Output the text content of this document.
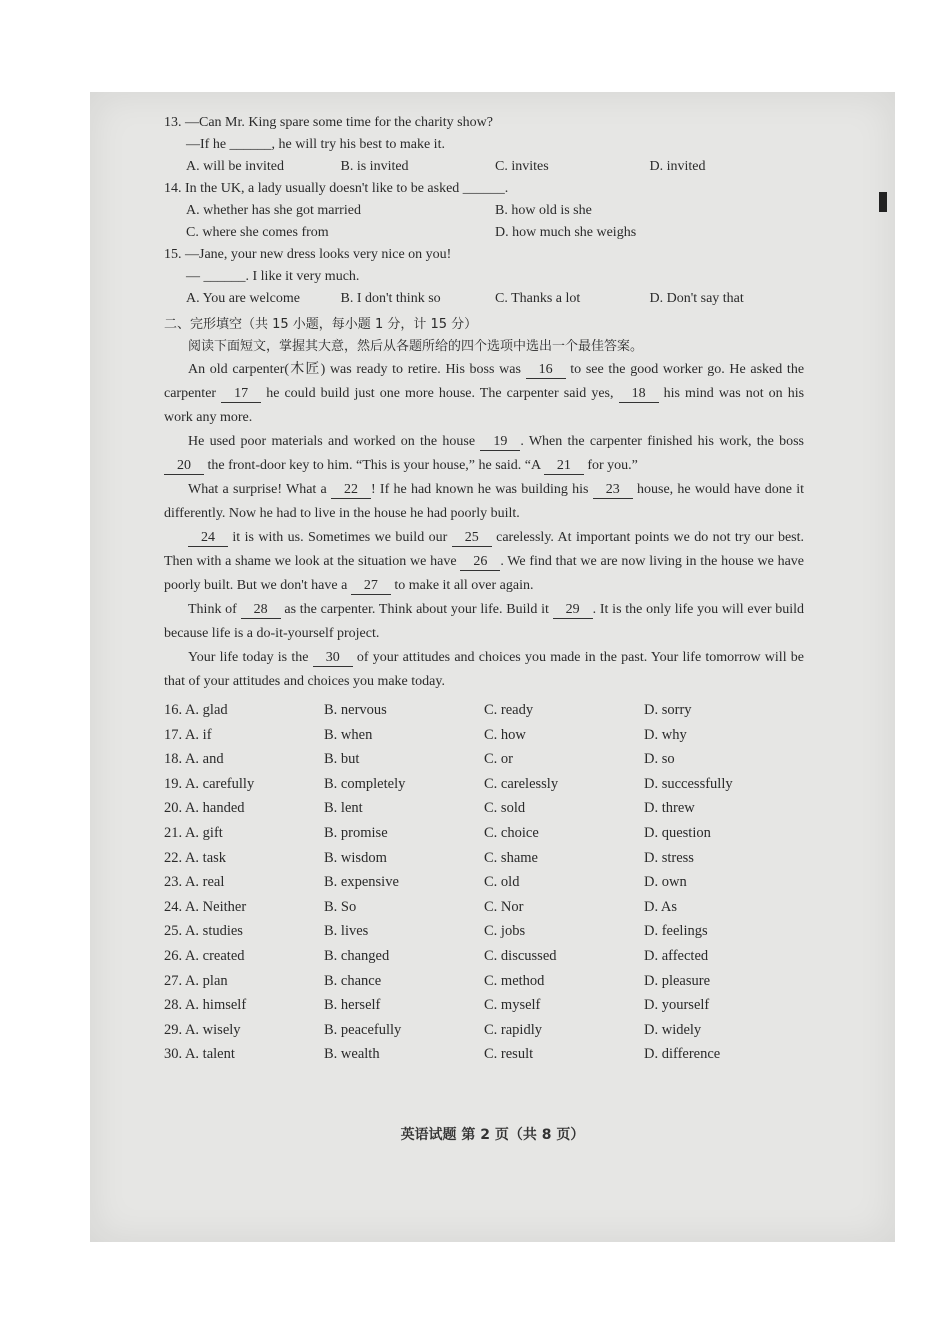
13. —Can Mr. King spare some time for the charity show?

—If he ______, he will try his best to make it.

A. will be invited	B. is invited	C. invites	D. invited

14. In the UK, a lady usually doesn't like to be asked ______.

A. whether has she got married	B. how old is she
C. where she comes from	D. how much she weighs

15. —Jane, your new dress looks very nice on you!

— ______. I like it very much.

A. You are welcome	B. I don't think so	C. Thanks a lot	D. Don't say that
二、完形填空（共 15 小题，每小题 1 分，计 15 分）
阅读下面短文，掌握其大意，然后从各题所给的四个选项中选出一个最佳答案。

An old carpenter(木匠) was ready to retire. His boss was 16 to see the good worker go. He asked the carpenter 17 he could build just one more house. The carpenter said yes, 18 his mind was not on his work any more.

He used poor materials and worked on the house 19 . When the carpenter finished his work, the boss 20 the front-door key to him. “This is your house,” he said. “A 21 for you.”

What a surprise! What a 22 ! If he had known he was building his 23 house, he would have done it differently. Now he had to live in the house he had poorly built.

24 it is with us. Sometimes we build our 25 carelessly. At important points we do not try our best. Then with a shame we look at the situation we have 26 . We find that we are now living in the house we have poorly built. But we don't have a 27 to make it all over again.

Think of 28 as the carpenter. Think about your life. Build it 29 . It is the only life you will ever build because life is a do-it-yourself project.

Your life today is the 30 of your attitudes and choices you made in the past. Your life tomorrow will be that of your attitudes and choices you make today.

16. A. glad	B. nervous	C. ready	D. sorry
17. A. if	B. when	C. how	D. why
18. A. and	B. but	C. or	D. so
19. A. carefully	B. completely	C. carelessly	D. successfully
20. A. handed	B. lent	C. sold	D. threw
21. A. gift	B. promise	C. choice	D. question
22. A. task	B. wisdom	C. shame	D. stress
23. A. real	B. expensive	C. old	D. own
24. A. Neither	B. So	C. Nor	D. As
25. A. studies	B. lives	C. jobs	D. feelings
26. A. created	B. changed	C. discussed	D. affected
27. A. plan	B. chance	C. method	D. pleasure
28. A. himself	B. herself	C. myself	D. yourself
29. A. wisely	B. peacefully	C. rapidly	D. widely
30. A. talent	B. wealth	C. result	D. difference
英语试题 第 2 页（共 8 页）
